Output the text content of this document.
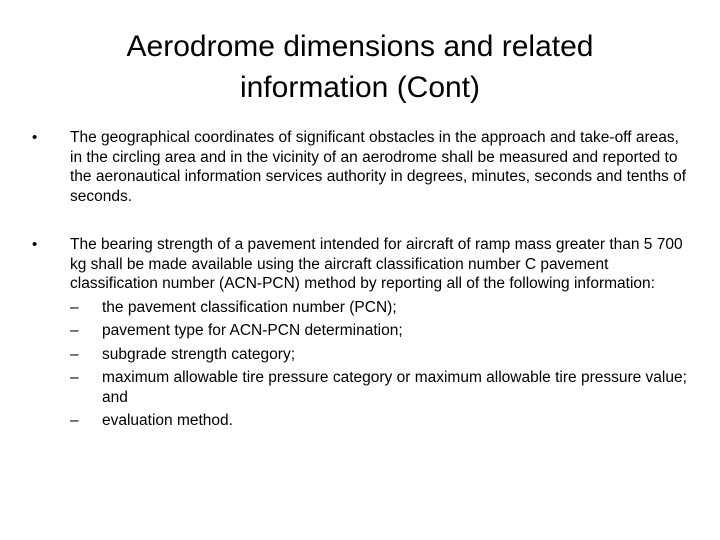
Aerodrome dimensions and related
information (Cont)
•	The geographical coordinates of significant obstacles in the approach and take-off areas, in the circling area and in the vicinity of an aerodrome shall be measured and reported to the aeronautical information services authority in degrees, minutes, seconds and tenths of seconds.
•	The bearing strength of a pavement intended for aircraft of ramp mass greater than 5 700 kg shall be made available using the aircraft classification number C pavement classification number (ACN-PCN) method by reporting all of the following information:
– the pavement classification number (PCN);
– pavement type for ACN-PCN determination;
– subgrade strength category;
– maximum allowable tire pressure category or maximum allowable tire pressure value; and
– evaluation method.
